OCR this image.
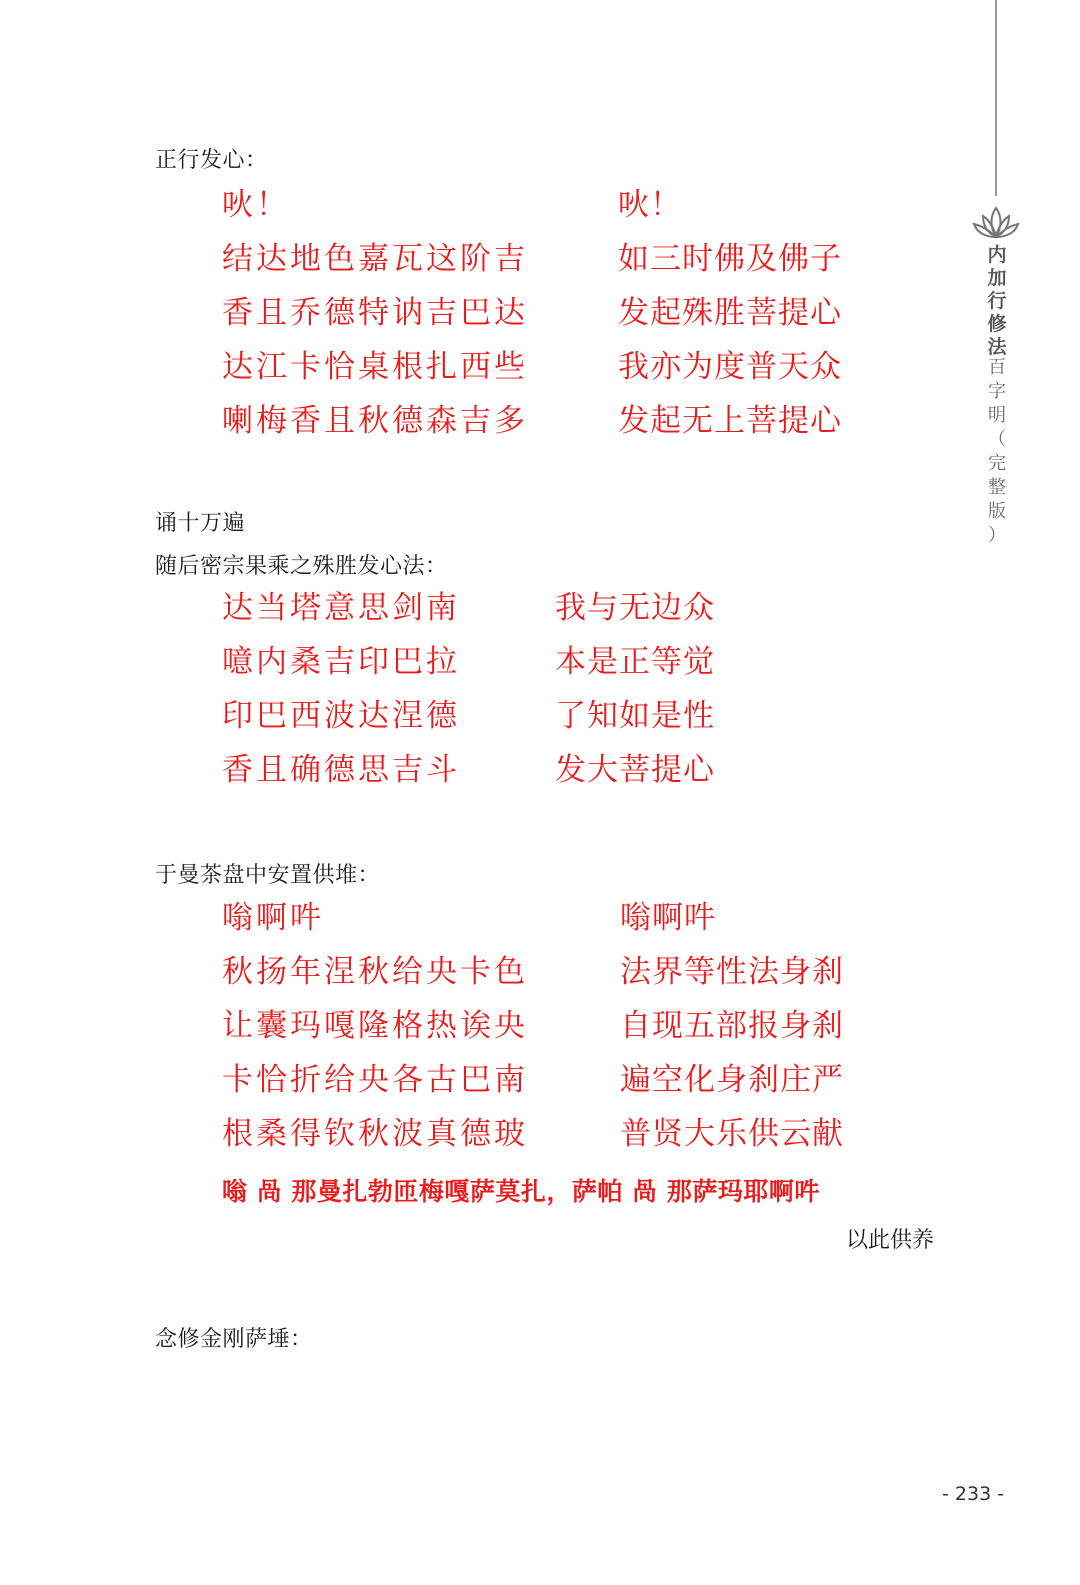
内加行修法
百
字
明
（
完
整
版
）
正行发心：
吙！
结达地色嘉瓦这阶吉
香且乔德特讷吉巴达
达江卡恰桌根扎西些
喇梅香且秋德森吉多
吙！
如三时佛及佛子
发起殊胜菩提心
我亦为度普天众
发起无上菩提心
诵十万遍
随后密宗果乘之殊胜发心法：
达当塔意思剑南
噫内桑吉印巴拉
印巴西波达涅德
香且确德思吉斗
我与无边众
本是正等觉
了知如是性
发大菩提心
于曼茶盘中安置供堆：
嗡啊吽
秋扬年涅秋给央卡色
让囊玛嘎隆格热诶央
卡恰折给央各古巴南
根桑得钦秋波真德玻
嗡啊吽
法界等性法身刹
自现五部报身刹
遍空化身刹庄严
普贤大乐供云献
嗡 咼 那曼扎勃匝梅嘎萨莫扎，萨帕 咼 那萨玛耶啊吽
以此供养
念修金刚萨埵：
- 233 -
